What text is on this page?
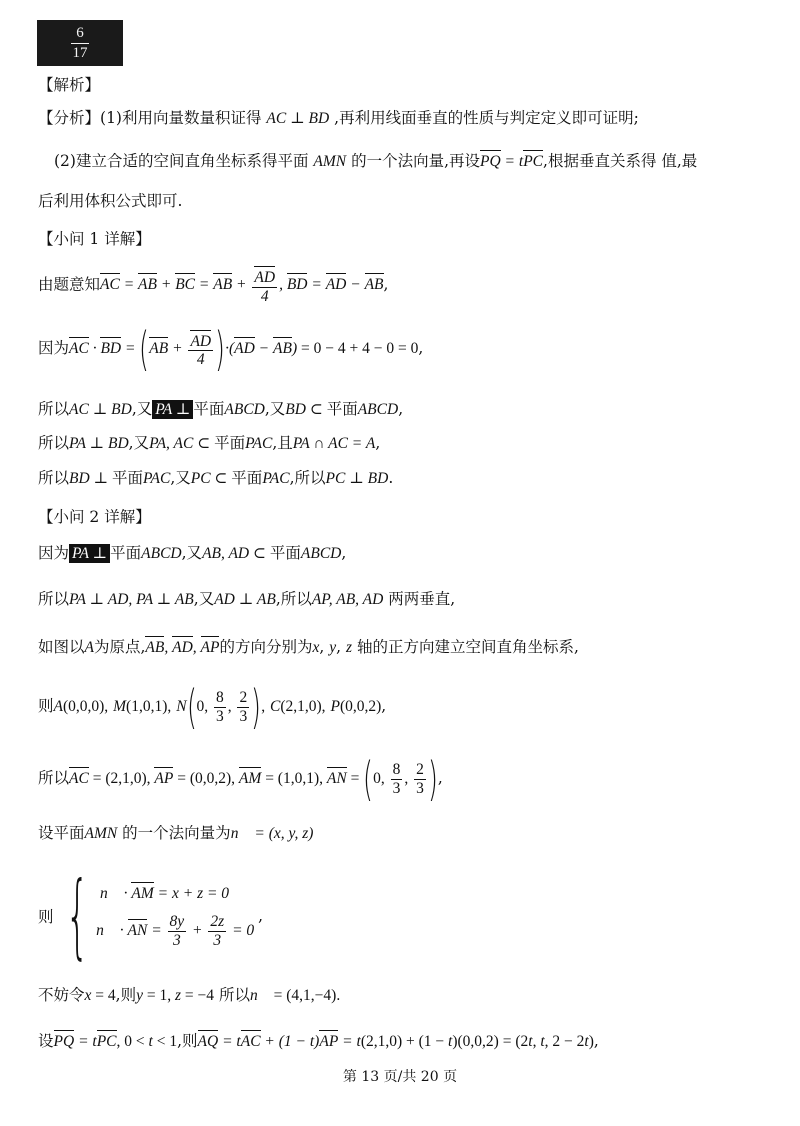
6
17
【解析】
【分析】(1)利用向量数量积证得 AC ⊥ BD ,再利用线面垂直的性质与判定定义即可证明;
(2)建立合适的空间直角坐标系得平面 AMN 的一个法向量,再设PQ = tPC,根据垂直关系得 值,最
后利用体积公式即可.
【小问 1 详解】
由题意知AC = AB + BC = AB + $\frac{AD}{4}$ , BD = AD − AB,
因为AC · BD = $(AB + \frac{AD}{4} )\cdot(AD - AB) = 0 - 4 + 4 - 0 = 0$,
所以AC ⊥ BD,又 PA ⊥ 平面ABCD,又BD ⊂ 平面ABCD,
所以PA ⊥ BD,又PA, AC ⊂ 平面PAC,且PA ∩ AC = A,
所以BD ⊥ 平面PAC,又PC ⊂ 平面PAC,所以PC ⊥ BD.
【小问 2 详解】
因为 PA ⊥ 平面ABCD,又AB, AD ⊂ 平面ABCD,
所以PA ⊥ AD, PA ⊥ AB,又AD ⊥ AB,所以AP, AB, AD 两两垂直,
如图以A为原点,AB, AD, AP的方向分别为x, y, z 轴的正方向建立空间直角坐标系,
则A(0,0,0), M(1,0,1), N(0, $\frac{8}{3}$ , $\frac{2}{3}$ ), C(2,1,0), P(0,0,2),
所以AC = (2,1,0), AP = (0,0,2), AM = (1,0,1), AN = (0, $\frac{8}{3}$ , $\frac{2}{3}$ ),
设平面AMN 的一个法向量为n⃗ = (x, y, z)
则 { n⃗ · AM = x + z = 0
n⃗ · AN = $\frac{8y}{3} + \frac{2z}{3} = 0$
,
不妨令x = 4,则y = 1, z = −4 所以n⃗ = (4,1,−4).
设PQ = tPC, 0 < t < 1,则AQ = tAC + (1 − t)AP = t(2,1,0) + (1 − t)(0,0,2) = (2t, t, 2 − 2t),
第 13 页/共 20 页
